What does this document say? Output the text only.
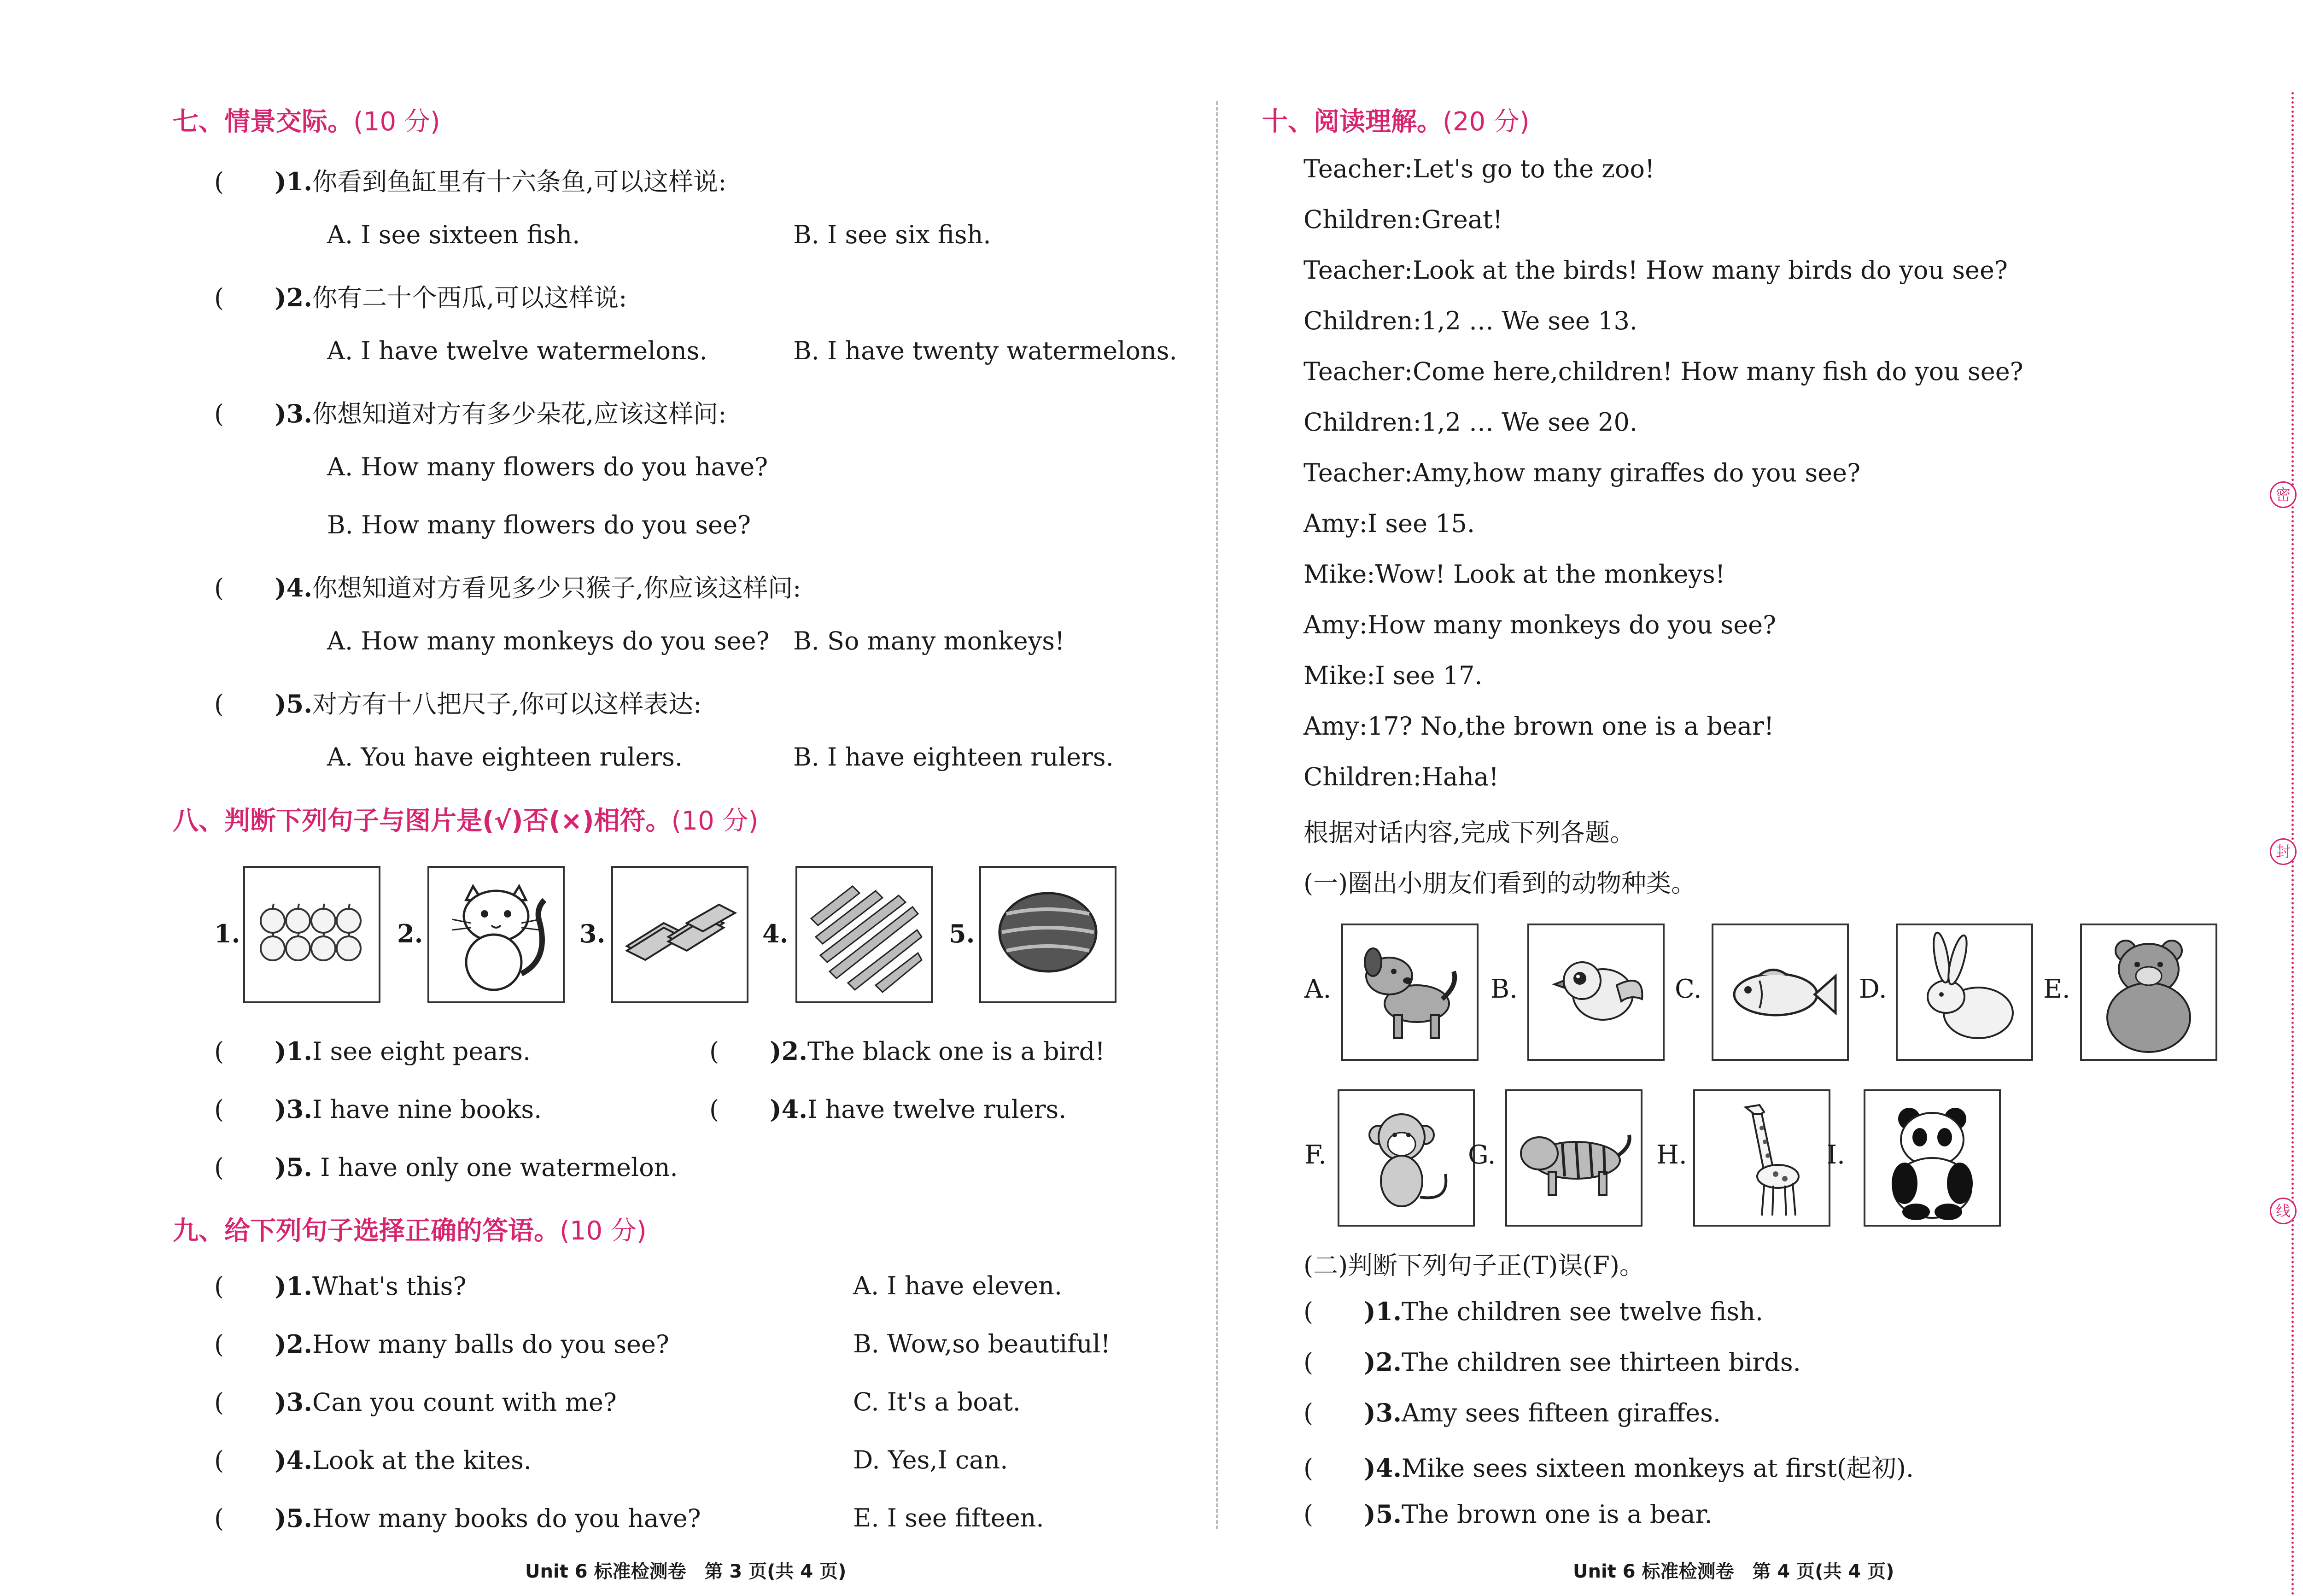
七、情景交际。(10 分)
( )1.你看到鱼缸里有十六条鱼,可以这样说:
A. I see sixteen fish.	B. I see six fish.
( )2.你有二十个西瓜,可以这样说:
A. I have twelve watermelons.	B. I have twenty watermelons.
( )3.你想知道对方有多少朵花,应该这样问:
A. How many flowers do you have?
B. How many flowers do you see?
( )4.你想知道对方看见多少只猴子,你应该这样问:
A. How many monkeys do you see? B. So many monkeys!
( )5.对方有十八把尺子,你可以这样表达:
A. You have eighteen rulers.	B. I have eighteen rulers.
八、判断下列句子与图片是(√)否(×)相符。(10 分)
1.	2.	3.	4.	5.
( )1.I see eight pears.	( )2.The black one is a bird!
( )3.I have nine books.	( )4.I have twelve rulers.
( )5. I have only one watermelon.
九、给下列句子选择正确的答语。(10 分)
( )1.What's this?	A. I have eleven.
( )2.How many balls do you see?	B. Wow,so beautiful!
( )3.Can you count with me?	C. It's a boat.
( )4.Look at the kites.	D. Yes,I can.
( )5.How many books do you have?	E. I see fifteen.
Unit 6 标准检测卷　第 3 页(共 4 页)
十、阅读理解。(20 分)
Teacher:Let's go to the zoo!
Children:Great!
Teacher:Look at the birds! How many birds do you see?
Children:1,2 … We see 13.
Teacher:Come here,children! How many fish do you see?
Children:1,2 … We see 20.
Teacher:Amy,how many giraffes do you see?
Amy:I see 15.
Mike:Wow! Look at the monkeys!
Amy:How many monkeys do you see?
Mike:I see 17.
Amy:17? No,the brown one is a bear!
Children:Haha!
根据对话内容,完成下列各题。
(一)圈出小朋友们看到的动物种类。
A.	B.	C.	D.	E.
F.	G.	H.	I.
(二)判断下列句子正(T)误(F)。
( )1.The children see twelve fish.
( )2.The children see thirteen birds.
( )3.Amy sees fifteen giraffes.
( )4.Mike sees sixteen monkeys at first(起初).
( )5.The brown one is a bear.
Unit 6 标准检测卷　第 4 页(共 4 页)
密
封
线
